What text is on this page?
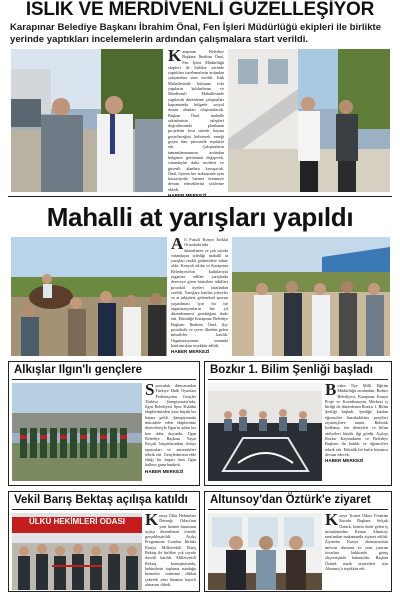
ISLIK VE MERDİVENLİ GÜZELLEŞİYOR
Karapınar Belediye Başkanı İbrahim Önal, Fen İşleri Müdürlüğü ekipleri ile birlikte yerinde yaptıkları incelemelerin ardından çalışmalara start verildi.
Karapınar Belediye Başkanı İbrahim Önal, Fen İşleri Müdürlüğü ekipleri ile birlikte yerinde yaptıkları incelemelerin ardından çalışmalara start verildi. Islık Mahallesinde bulunan eski yapıların kaldırılması ve Merdivenli Mahallesinde yapılacak düzenleme çalışmaları kapsamında bölgede sosyal donatı alanları oluşturulacak. Başkan Önal, mahalle sakinlerinin talepleri doğrultusunda planlanan projelerin kısa sürede hayata geçirileceğini belirterek emeği geçen tüm personele teşekkür etti. Çalışmaların tamamlanmasının ardından bölgenin görünümü değişecek, vatandaşlar daha modern ve güvenli alanlara kavuşacak. Önal, ilçenin her noktasında aynı hassasiyetle hizmet üretmeye devam edeceklerini sözlerine ekledi.
Mahalli at yarışları yapıldı
Ali Fuzuli Konya İstiklal Ortaokulu'nda düzenlenen ve çok sayıda vatandaşın izlediği mahalli at yarışları renkli görüntülere sahne oldu. Konyalı atlılar ve Karapınar Belediyesi'nin katkılarıyla organize edilen yarışlarda dereceye giren binicilere ödülleri protokol üyeleri tarafından verildi. Yarışlara katılan jokeyler ve at sahipleri, geleneksel sporun yaşatılması için bu tür organizasyonların her yıl düzenlenmesi gerektiğini ifade etti. Etkinliğe Karapınar Belediye Başkanı İbrahim Önal, ilçe protokolü ve çevre illerden gelen misafirler katıldı. Organizasyonun sonunda katılımcılara teşekkür edildi.
HABER MERKEZİ
Alkışlar Ilgın'lı gençlere
Sporculuk dünyasından Türkiye Halk Oyunları Federasyonu Gençler Türkiye Şampiyonası'nda, Ilgın Belediyesi Spor Kulübü ekiplerimizden yine büyük bir başarı geldi. Şampiyonada mücadele eden ekiplerimiz dereceleriyle Ilgın'ın adını bir kez daha duyurdu. Ilgın Belediye Başkanı Yaşar Koçak, başarılarından dolayı sporcuları ve antrenörleri tebrik etti. Gençlerimizin elde ettiği bu başarı tüm Ilgın halkını gururlandırdı.
HABER MERKEZİ
Bozkır 1. Bilim Şenliği başladı
Bozkır İlçe Milli Eğitim Müdürlüğü tarafından, Bozkır Belediyesi, Karapınar Konya Proje ve Koordinasyon Merkezi iş birliği ile düzenlenen Bozkır 1. Bilim Şenliği başladı. Şenliğe katılan öğrenciler hazırladıkları projeleri ziyaretçilere tanıttı. Robotik kodlama, fen deneyleri ve bilim atölyeleri büyük ilgi gördü. Açılışa Bozkır Kaymakamı ve Belediye Başkanı da katıldı ve öğrencileri tebrik etti. Etkinlik bir hafta boyunca devam edecek.
HABER MERKEZİ
Vekil Barış Bektaş açılışa katıldı
ÜLKÜ HEKİMLERİ ODASI	Konya Ülkü Hekimleri Derneği Odası'nın yeni hizmet binasının açılışı düzenlenen törenle gerçekleştirildi. Açılış Programına Cumhur İttifakı Konya Milletvekili Barış Bektaş ile birlikte çok sayıda davetli katıldı. Milletvekili Bektaş konuşmasında, hekimlerin topluma sunduğu hizmetin önemine dikkat çekerek yeni binanın hayırlı olmasını diledi.
Altunsoy'dan Öztürk'e ziyaret
Konya Ticaret Odası Yönetim Kurulu Başkanı Selçuk Öztürk, kentin önde gelen iş insanlarından Kenan Altunsoy tarafından makamında ziyaret edildi. Ziyarette Konya ekonomisinin mevcut durumu ve yeni yatırım fırsatları hakkında görüş alışverişinde bulunuldu. Başkan Öztürk nazik ziyaretleri için Altunsoy'a teşekkür etti.
